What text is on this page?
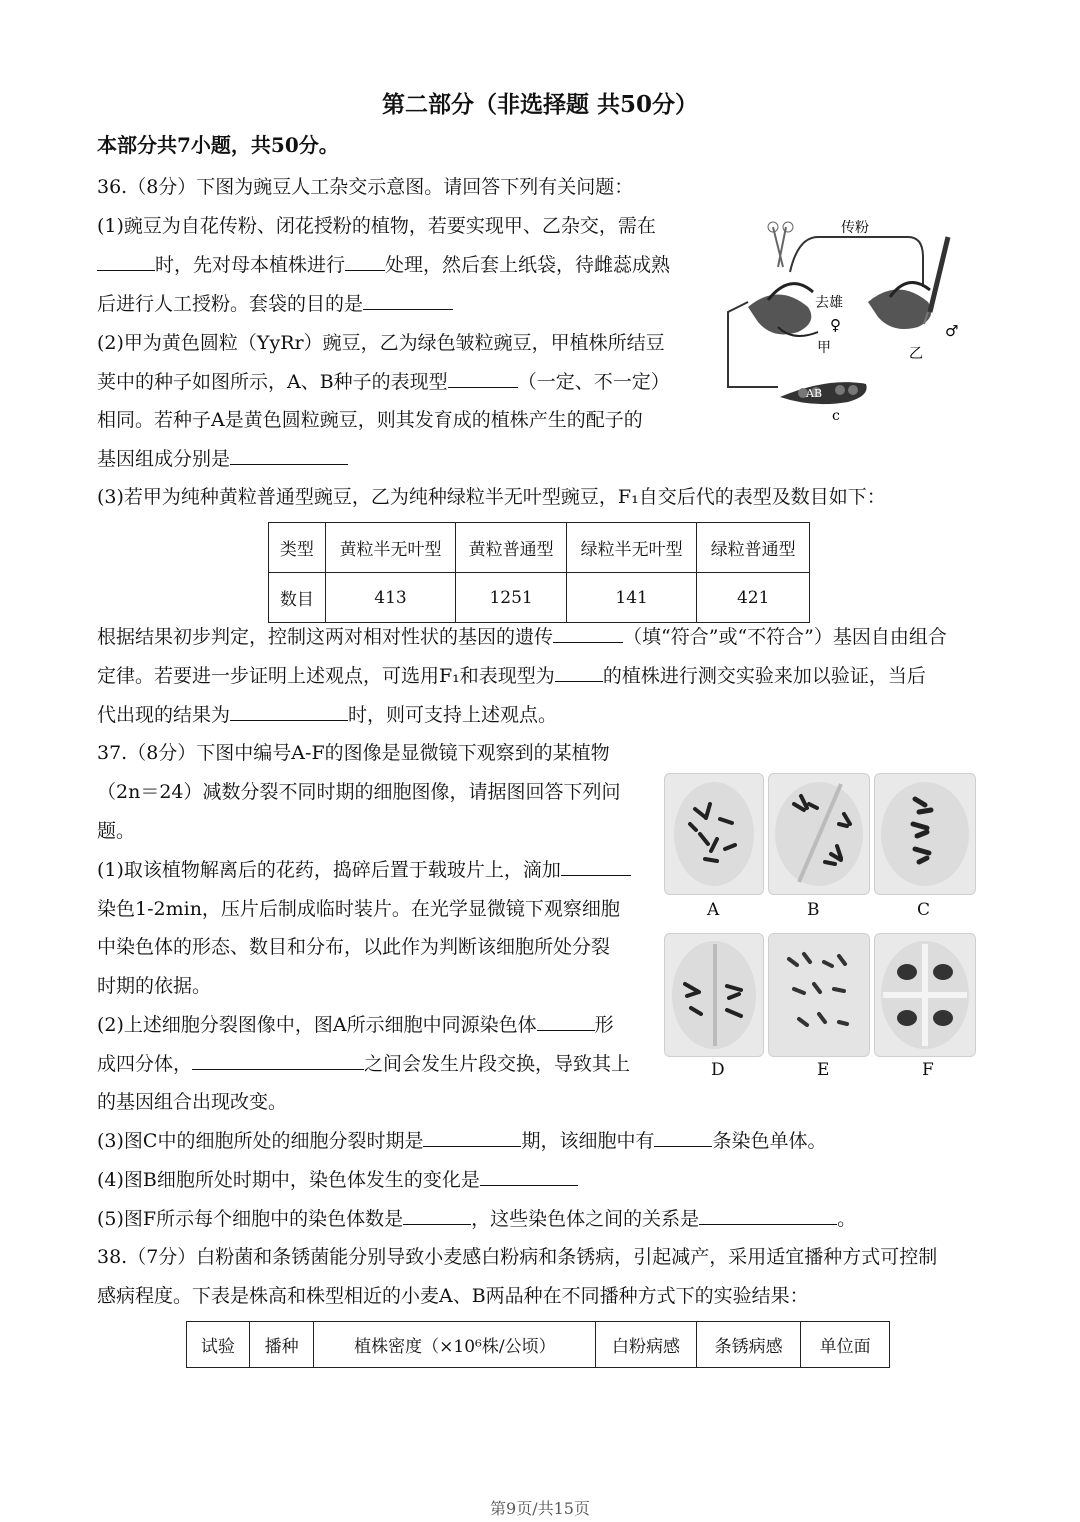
第二部分（非选择题 共50分）
本部分共7小题，共50分。
36.（8分）下图为豌豆人工杂交示意图。请回答下列有关问题：
(1)豌豆为自花传粉、闭花授粉的植物，若要实现甲、乙杂交，需在
时，先对母本植株进行 处理，然后套上纸袋，待雌蕊成熟
后进行人工授粉。套袋的目的是
(2)甲为黄色圆粒（YyRr）豌豆，乙为绿色皱粒豌豆，甲植株所结豆
荚中的种子如图所示，A、B种子的表现型	（一定、不一定）
相同。若种子A是黄色圆粒豌豆，则其发育成的植株产生的配子的
基因组成分别是
传粉
去雄
♀	♂
甲	乙
AB
c
(3)若甲为纯种黄粒普通型豌豆，乙为纯种绿粒半无叶型豌豆，F₁自交后代的表型及数目如下：
类型	黄粒半无叶型	黄粒普通型	绿粒半无叶型	绿粒普通型
数目	413	1251	141	421
根据结果初步判定，控制这两对相对性状的基因的遗传	（填“符合”或“不符合”）基因自由组合
定律。若要进一步证明上述观点，可选用F₁和表现型为	的植株进行测交实验来加以验证，当后
代出现的结果为	时，则可支持上述观点。
37.（8分）下图中编号A-F的图像是显微镜下观察到的某植物
（2n＝24）减数分裂不同时期的细胞图像，请据图回答下列问
题。
(1)取该植物解离后的花药，捣碎后置于载玻片上，滴加
染色1-2min，压片后制成临时装片。在光学显微镜下观察细胞
中染色体的形态、数目和分布，以此作为判断该细胞所处分裂
时期的依据。
(2)上述细胞分裂图像中，图A所示细胞中同源染色体	形
成四分体，	之间会发生片段交换，导致其上
的基因组合出现改变。
(3)图C中的细胞所处的细胞分裂时期是	期，该细胞中有	条染色单体。
(4)图B细胞所处时期中，染色体发生的变化是
(5)图F所示每个细胞中的染色体数是	，这些染色体之间的关系是	。
A	B	C
D	E	F
38.（7分）白粉菌和条锈菌能分别导致小麦感白粉病和条锈病，引起减产，采用适宜播种方式可控制
感病程度。下表是株高和株型相近的小麦A、B两品种在不同播种方式下的实验结果：
试验	播种	植株密度（×10⁶株/公顷）	白粉病感	条锈病感	单位面
第9页/共15页
